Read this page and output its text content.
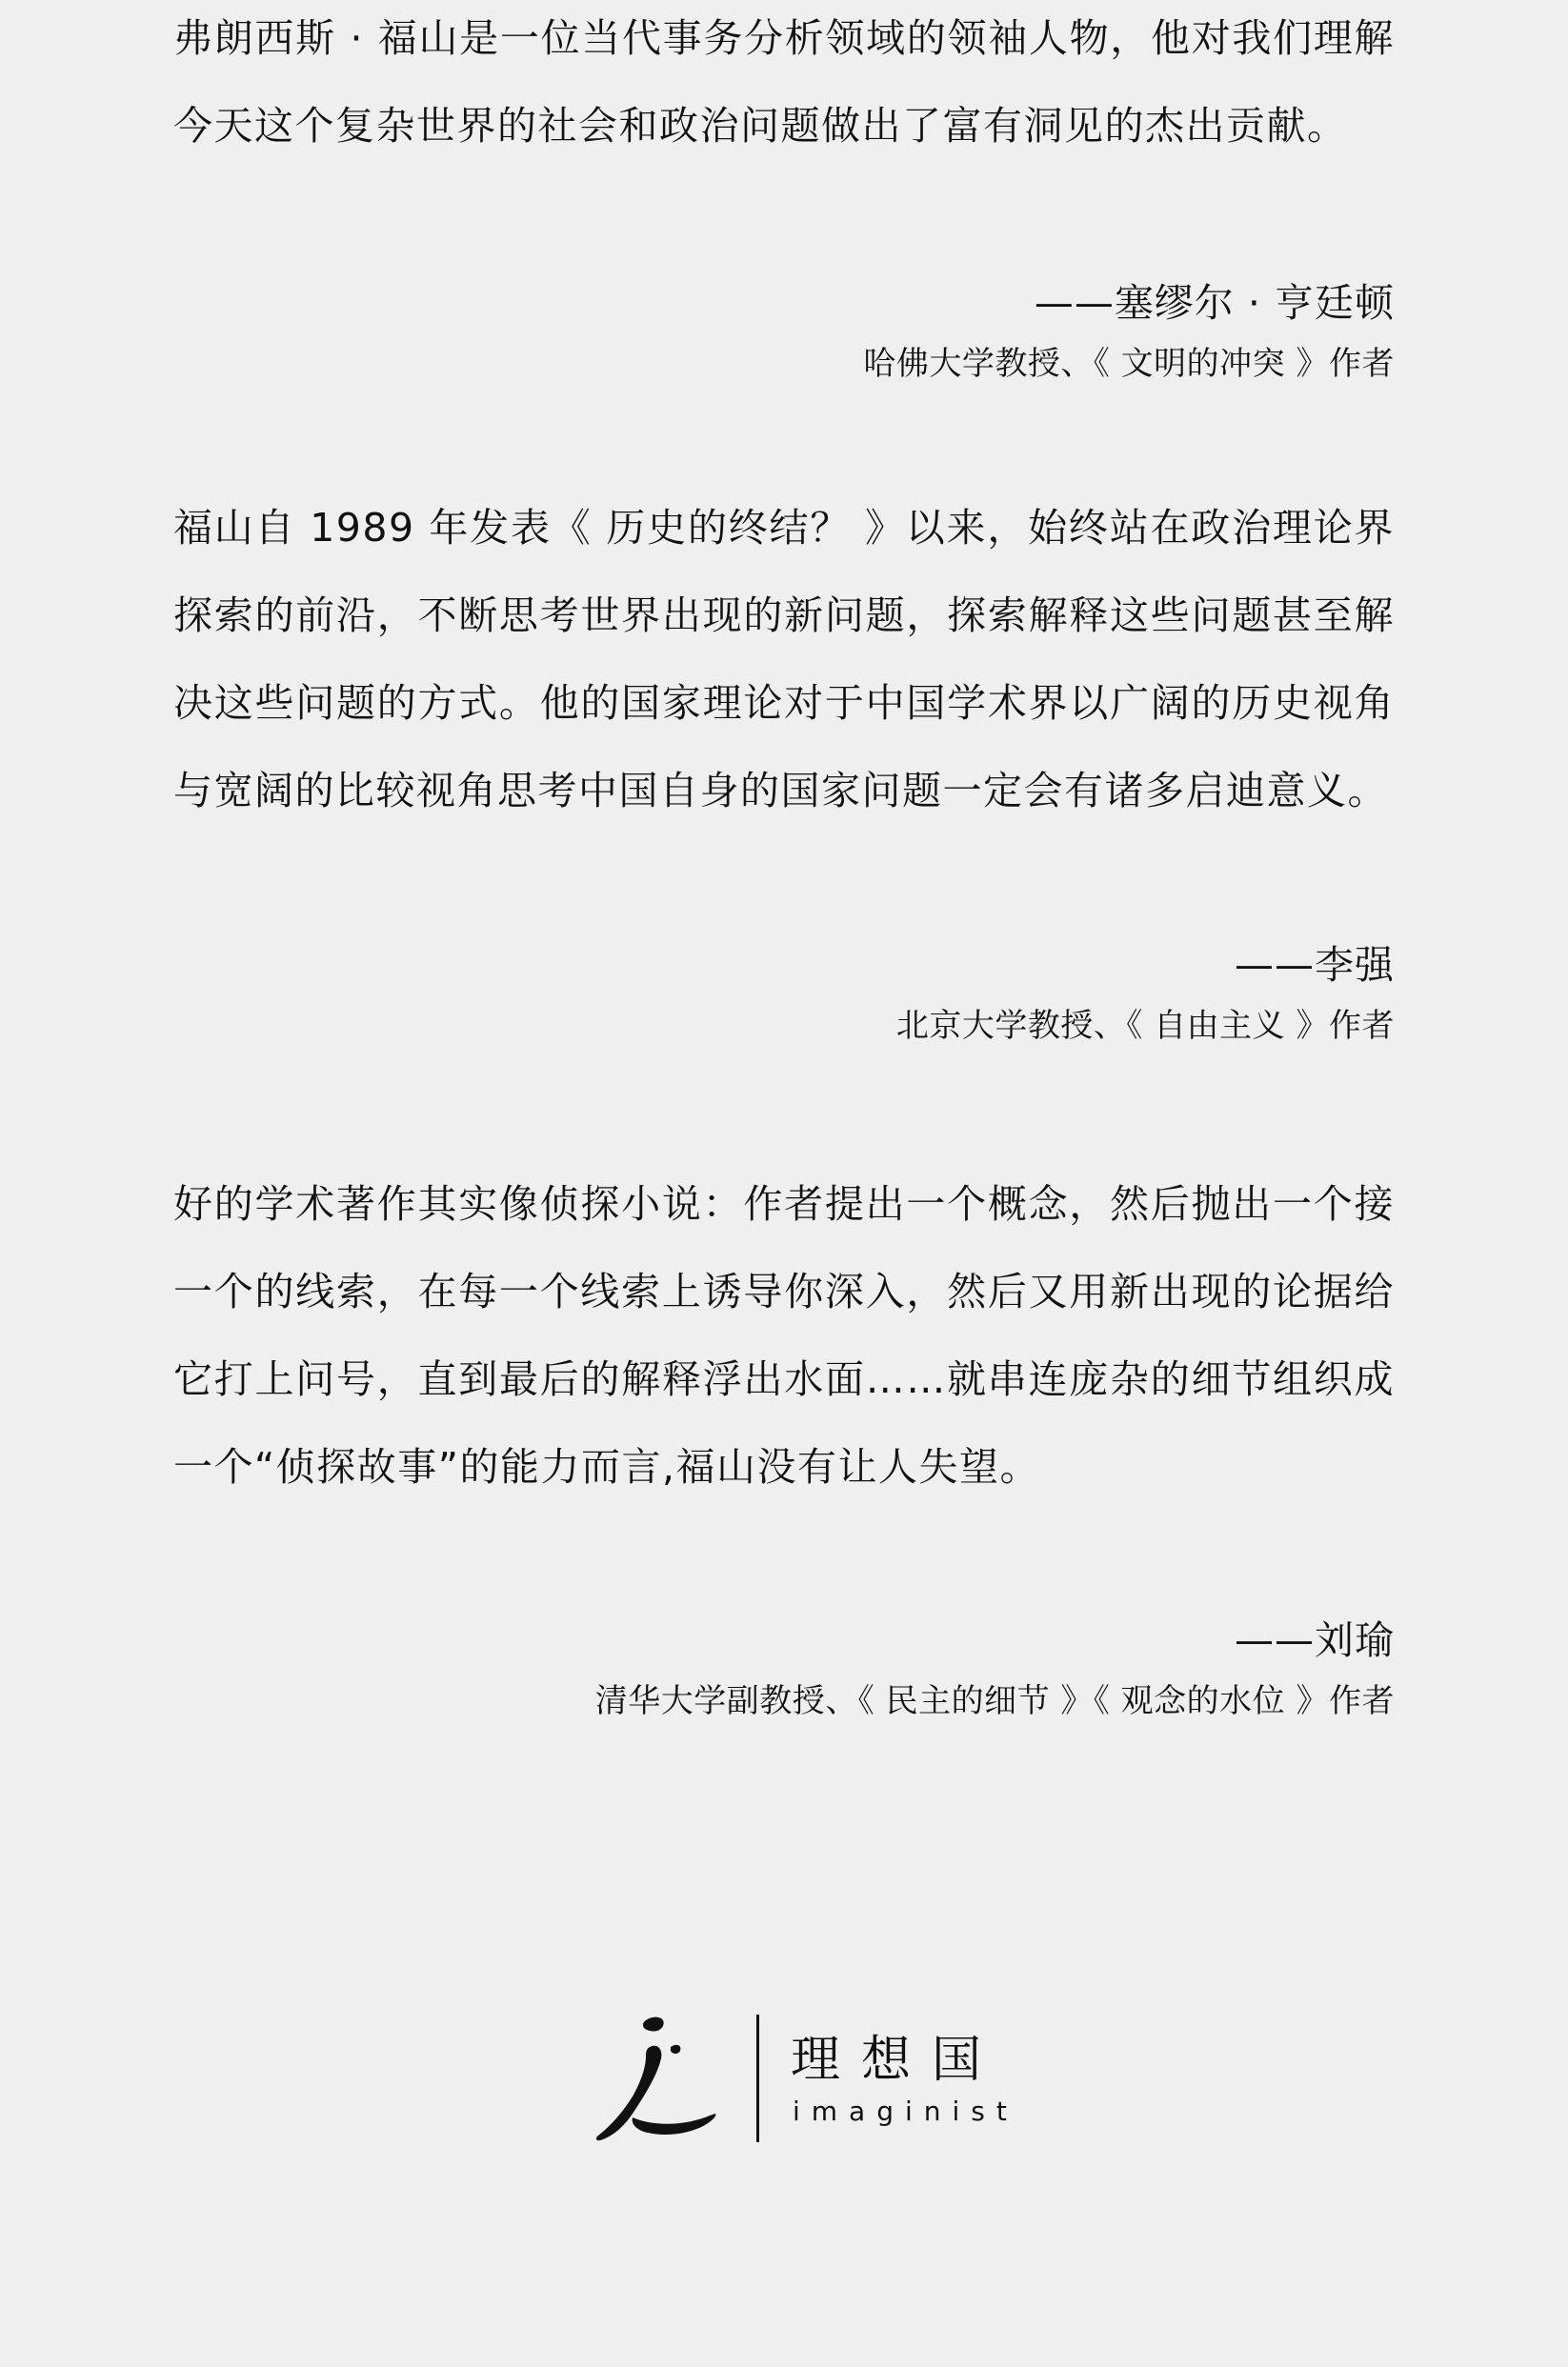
弗朗西斯 · 福山是一位当代事务分析领域的领袖人物，他对我们理解今天这个复杂世界的社会和政治问题做出了富有洞见的杰出贡献。

——塞缪尔 · 亨廷顿
哈佛大学教授、《 文明的冲突 》作者

福山自 1989 年发表《 历史的终结？ 》以来，始终站在政治理论界探索的前沿，不断思考世界出现的新问题，探索解释这些问题甚至解决这些问题的方式。他的国家理论对于中国学术界以广阔的历史视角与宽阔的比较视角思考中国自身的国家问题一定会有诸多启迪意义。

——李强
北京大学教授、《 自由主义 》作者

好的学术著作其实像侦探小说：作者提出一个概念，然后抛出一个接一个的线索，在每一个线索上诱导你深入，然后又用新出现的论据给它打上问号，直到最后的解释浮出水面……就串连庞杂的细节组织成一个“侦探故事”的能力而言,福山没有让人失望。

——刘瑜
清华大学副教授、《 民主的细节 》《 观念的水位 》作者
理想国
imaginist
